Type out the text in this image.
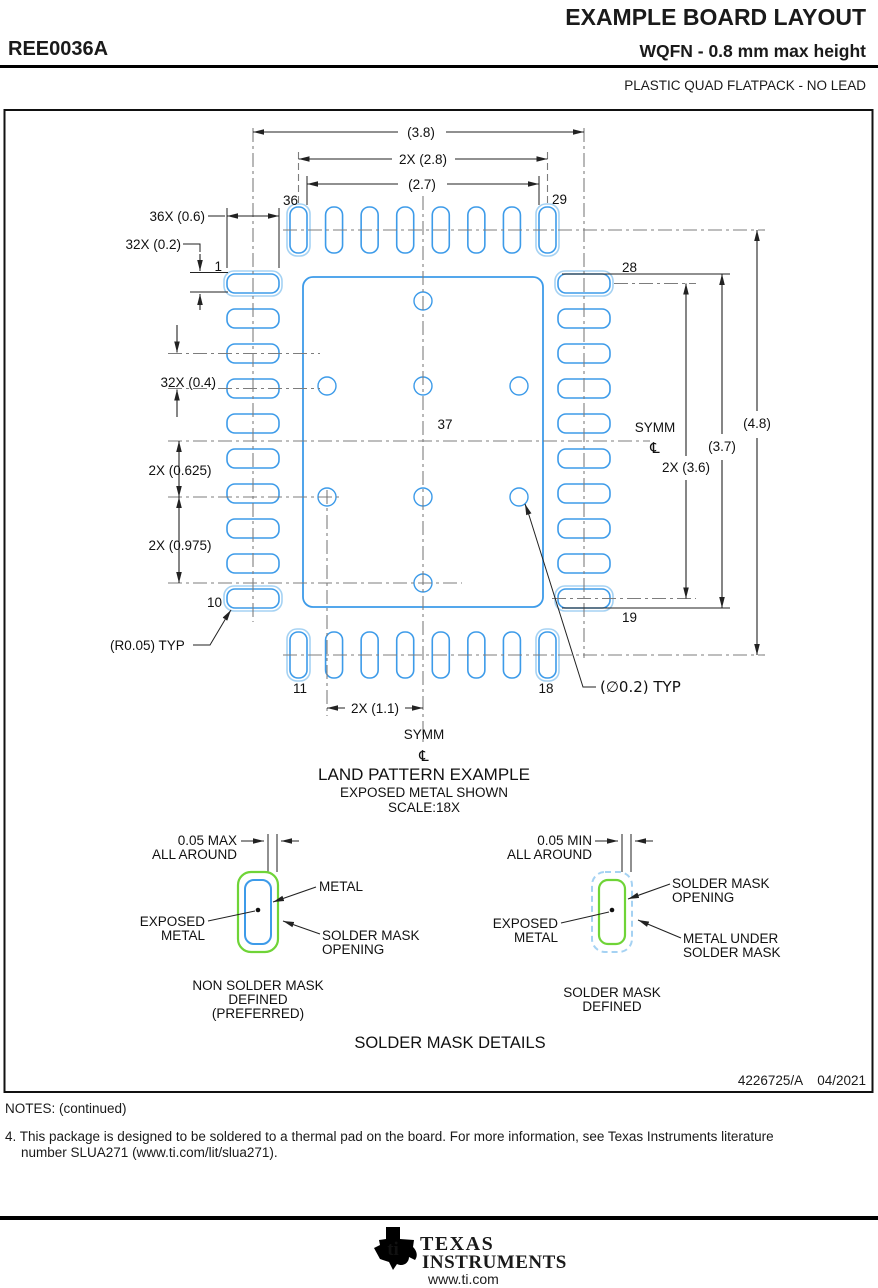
EXAMPLE BOARD LAYOUT
REE0036A	WQFN - 0.8 mm max height
PLASTIC QUAD FLATPACK - NO LEAD
(3.8)
2X (2.8)
(2.7)
36X (0.6)
32X (0.2)
32X (0.4)
2X (0.625)
2X (0.975)
(4.8)
(3.7)
2X (3.6)
2X (1.1)
(R0.05) TYP
(∅0.2) TYP
36	29
1	28
10
19
11	18
37	SYMM
℄
SYMM
℄
LAND PATTERN EXAMPLE
EXPOSED METAL SHOWN
SCALE:18X
0.05 MAX
ALL AROUND
METAL
EXPOSED
METAL	SOLDER MASK
OPENING
NON SOLDER MASK
DEFINED
(PREFERRED)
0.05 MIN
ALL AROUND
SOLDER MASK
OPENING
EXPOSED
METAL	METAL UNDER
SOLDER MASK
SOLDER MASK
DEFINED
SOLDER MASK DETAILS
4226725/A 04/2021
NOTES: (continued)
4. This package is designed to be soldered to a thermal pad on the board. For more information, see Texas Instruments literature
number SLUA271 (www.ti.com/lit/slua271).
ti TEXAS
INSTRUMENTS
www.ti.com
